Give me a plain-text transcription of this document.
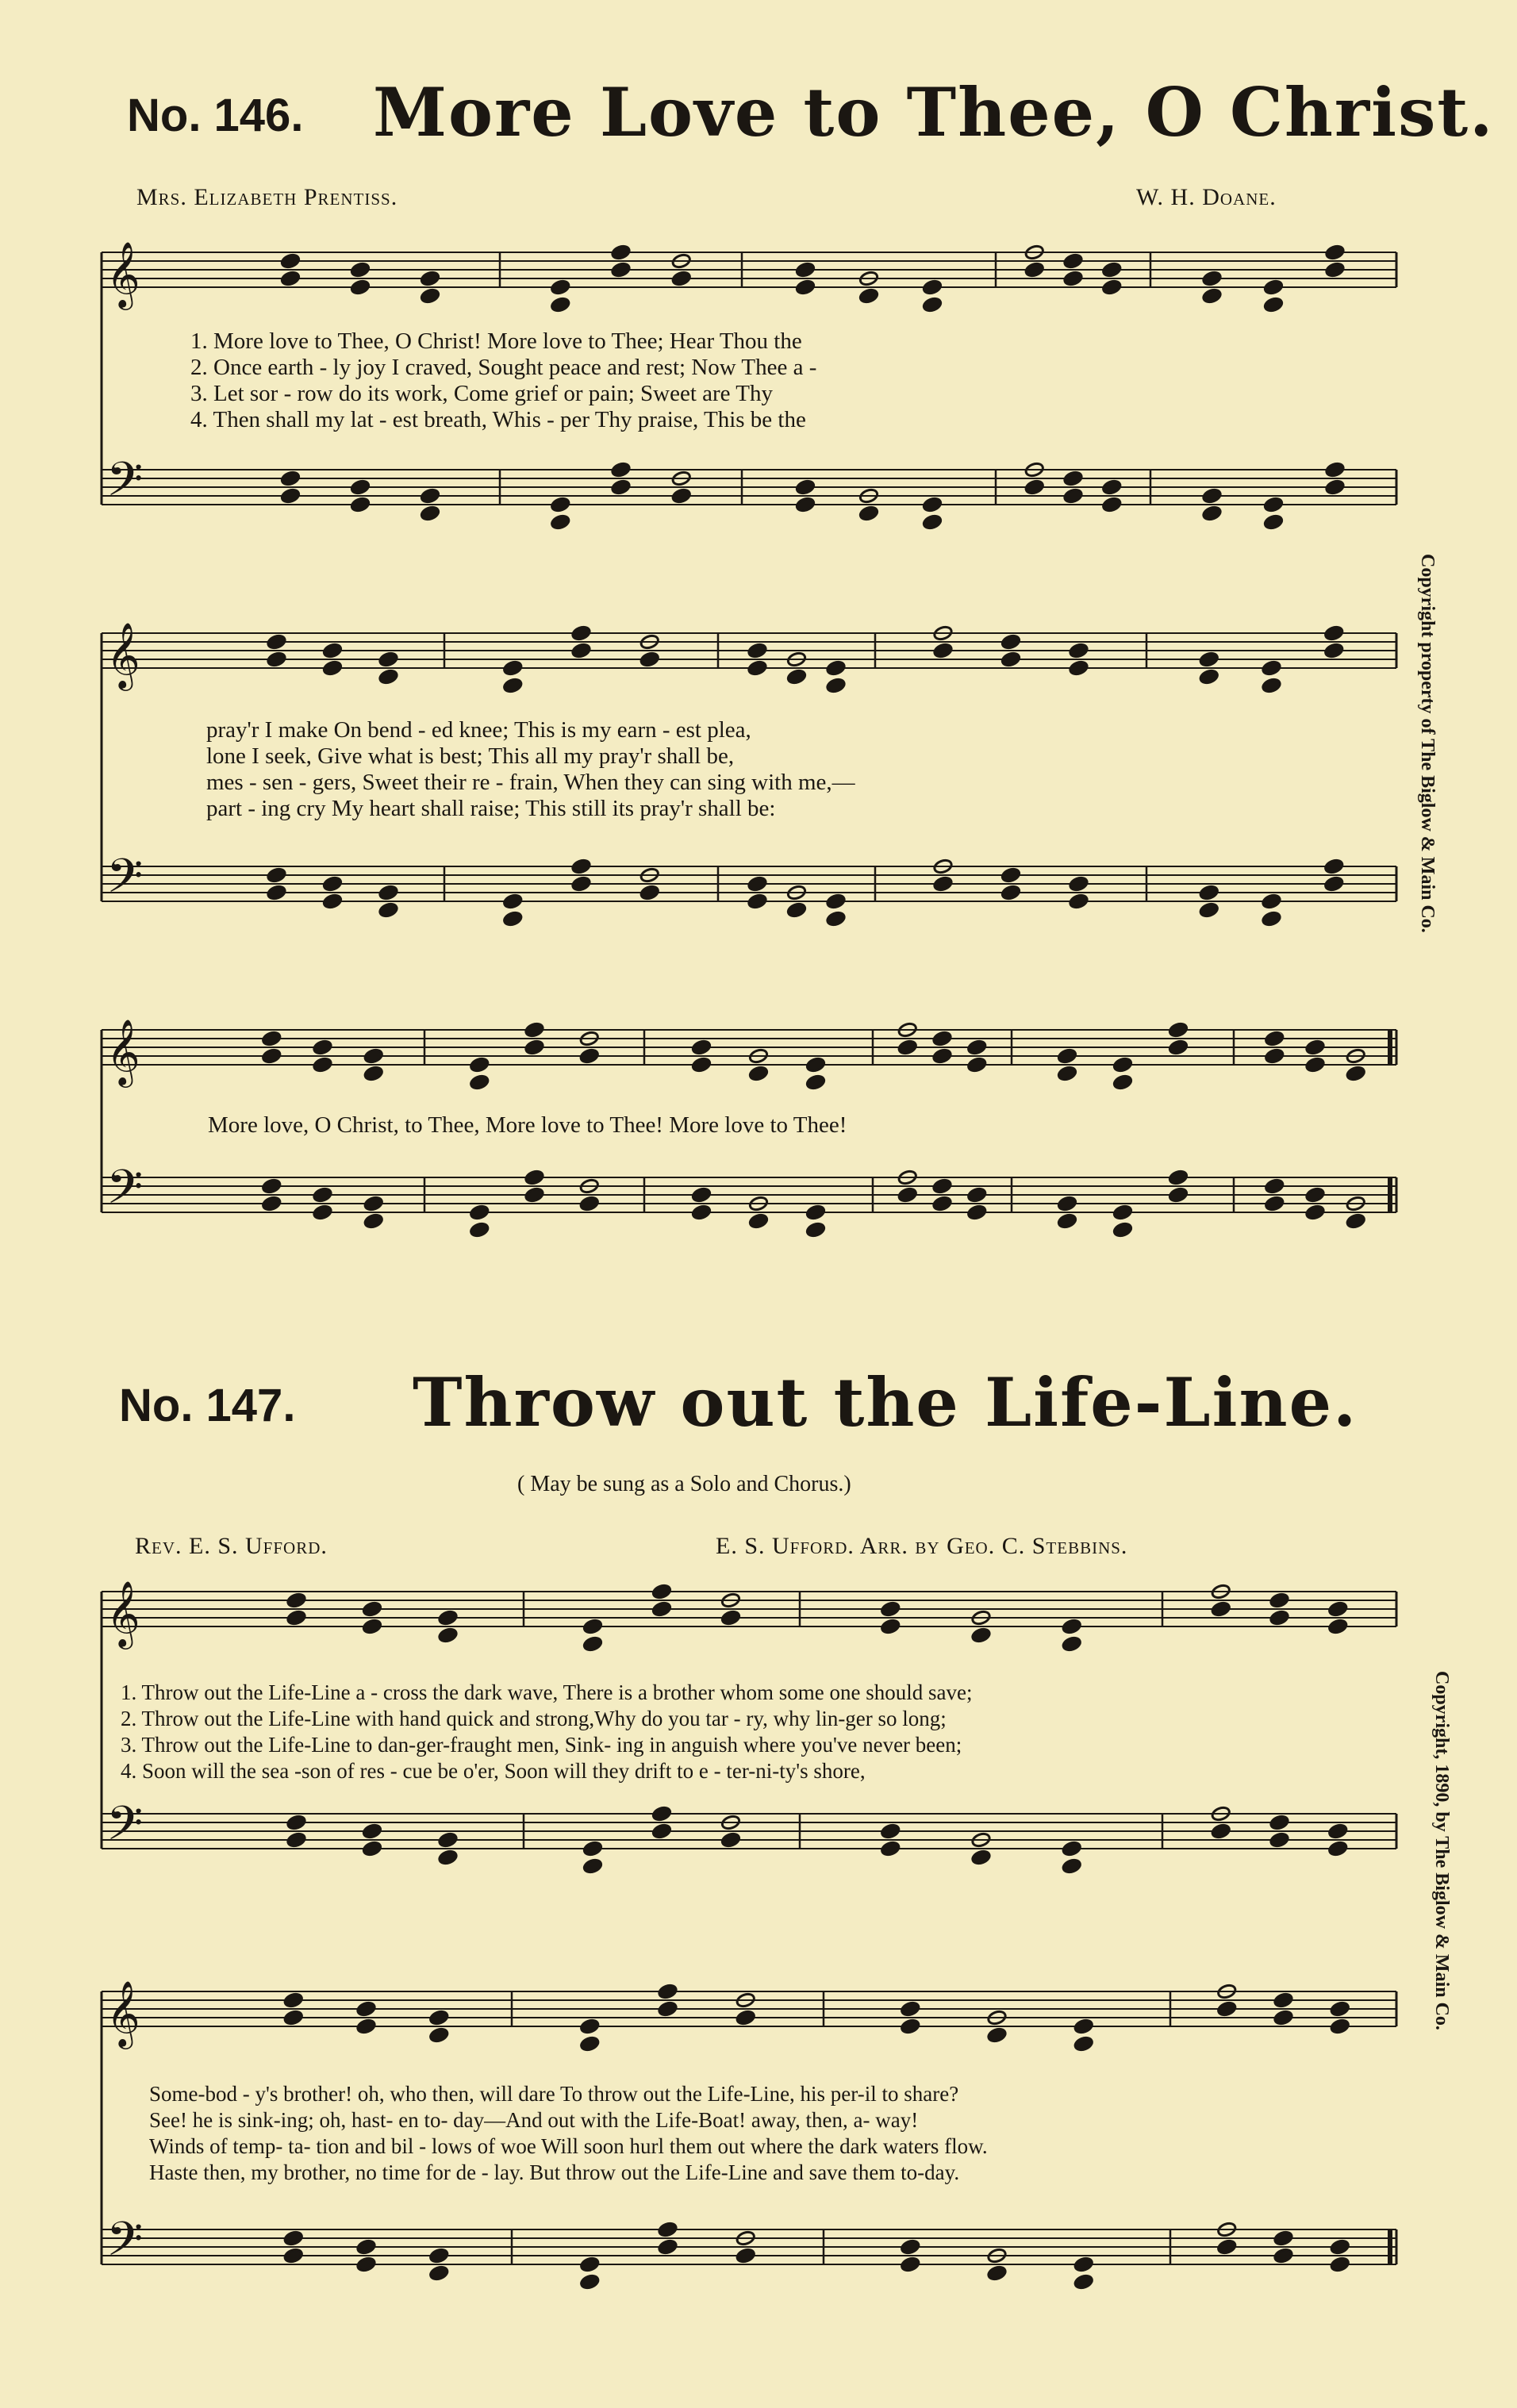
𝄞
𝄢
𝄞
𝄢
𝄞
𝄢
𝄞
𝄢
𝄞
𝄢
No. 146. More Love to Thee, O Christ.
Mrs. Elizabeth Prentiss.	W. H. Doane.
1. More love to Thee, O Christ! More love to Thee; Hear Thou the
2. Once earth - ly joy I craved, Sought peace and rest; Now Thee a -
3. Let sor - row do its work, Come grief or pain; Sweet are Thy
4. Then shall my lat - est breath, Whis - per Thy praise, This be the
pray'r I make On bend - ed knee; This is my earn - est plea,
lone I seek, Give what is best; This all my pray'r shall be,
mes - sen - gers, Sweet their re - frain, When they can sing with me,—
part - ing cry My heart shall raise; This still its pray'r shall be:
More love, O Christ, to Thee, More love to Thee! More love to Thee!
Copyright property of The Biglow & Main Co.
No. 147. Throw out the Life-Line.
( May be sung as a Solo and Chorus.)
Rev. E. S. Ufford.	E. S. Ufford. Arr. by Geo. C. Stebbins.
1. Throw out the Life-Line a - cross the dark wave, There is a brother whom some one should save;
2. Throw out the Life-Line with hand quick and strong,Why do you tar - ry, why lin-ger so long;
3. Throw out the Life-Line to dan-ger-fraught men, Sink- ing in anguish where you've never been;
4. Soon will the sea -son of res - cue be o'er, Soon will they drift to e - ter-ni-ty's shore,
Some-bod - y's brother! oh, who then, will dare To throw out the Life-Line, his per-il to share?
See! he is sink-ing; oh, hast- en to- day—And out with the Life-Boat! away, then, a- way!
Winds of temp- ta- tion and bil - lows of woe Will soon hurl them out where the dark waters flow.
Haste then, my brother, no time for de - lay. But throw out the Life-Line and save them to-day.
Copyright, 1890, by The Biglow & Main Co.
